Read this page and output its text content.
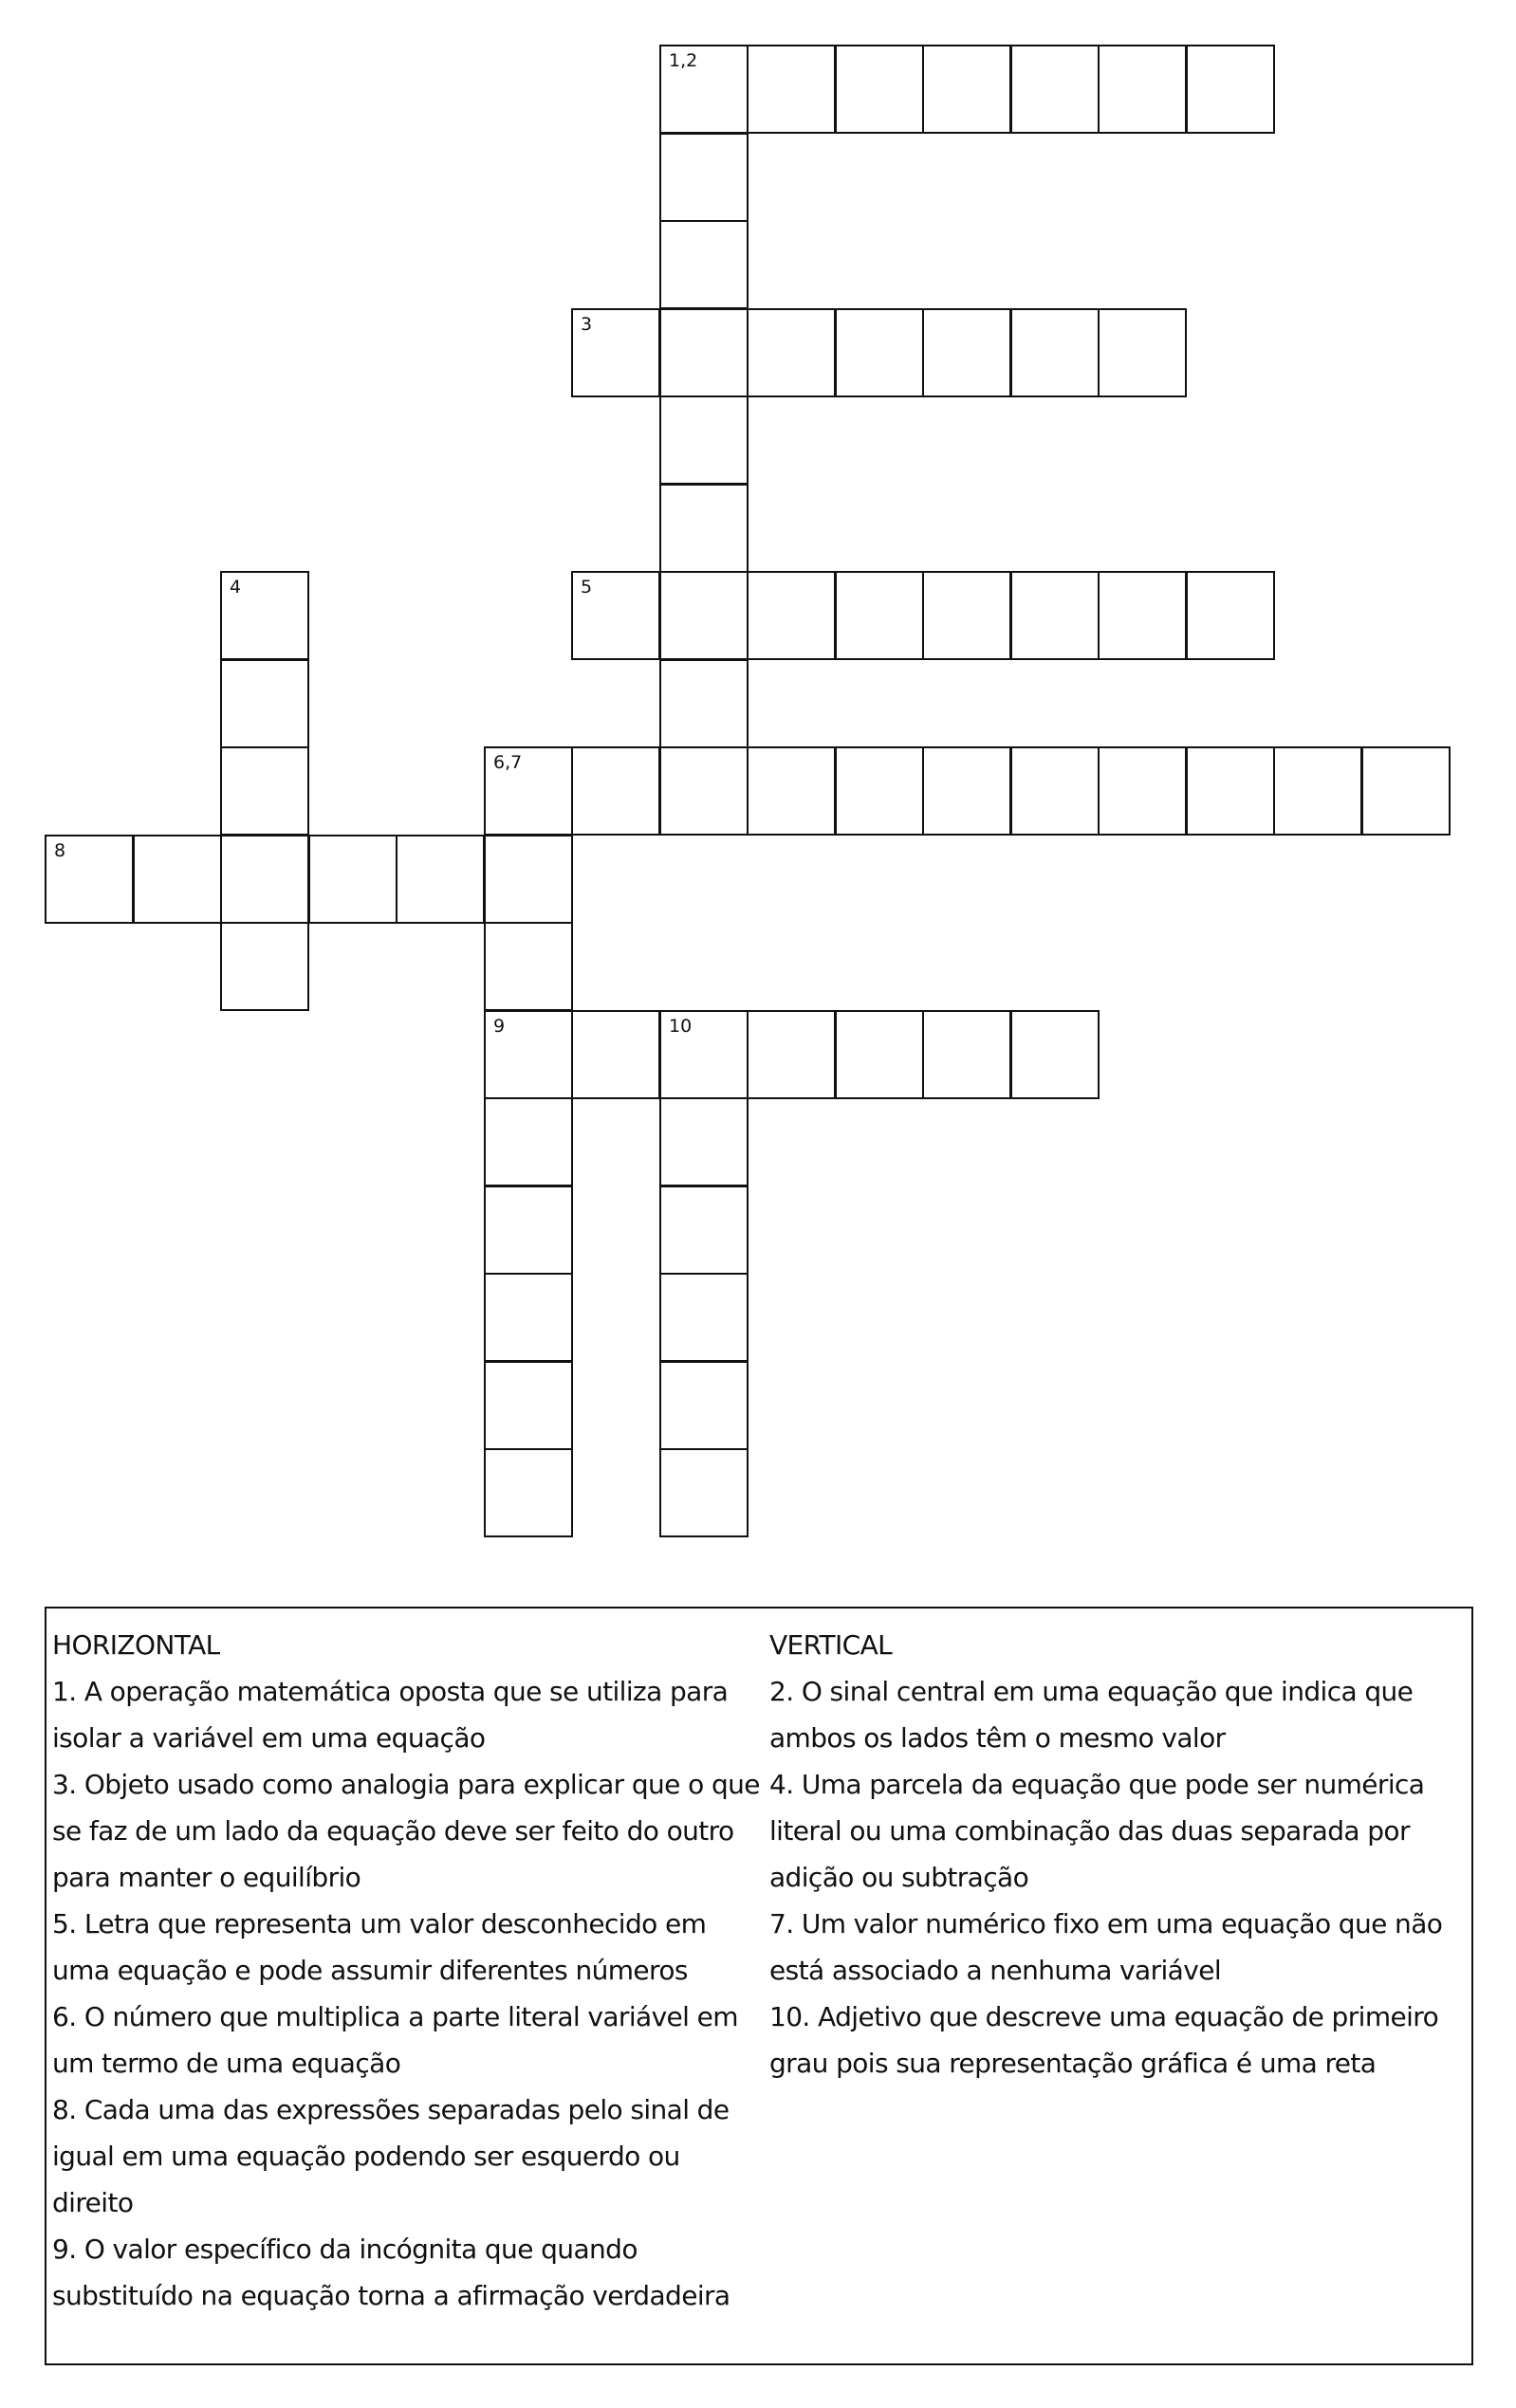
1,2
3
4	5
6,7
8
9	10

HORIZONTAL

1. A operação matemática oposta que se utiliza para

isolar a variável em uma equação

3. Objeto usado como analogia para explicar que o que

se faz de um lado da equação deve ser feito do outro

para manter o equilíbrio

5. Letra que representa um valor desconhecido em

uma equação e pode assumir diferentes números

6. O número que multiplica a parte literal variável em

um termo de uma equação

8. Cada uma das expressões separadas pelo sinal de

igual em uma equação podendo ser esquerdo ou

direito

9. O valor específico da incógnita que quando

substituído na equação torna a afirmação verdadeira

VERTICAL

2. O sinal central em uma equação que indica que

ambos os lados têm o mesmo valor

4. Uma parcela da equação que pode ser numérica

literal ou uma combinação das duas separada por

adição ou subtração

7. Um valor numérico fixo em uma equação que não

está associado a nenhuma variável

10. Adjetivo que descreve uma equação de primeiro

grau pois sua representação gráfica é uma reta
